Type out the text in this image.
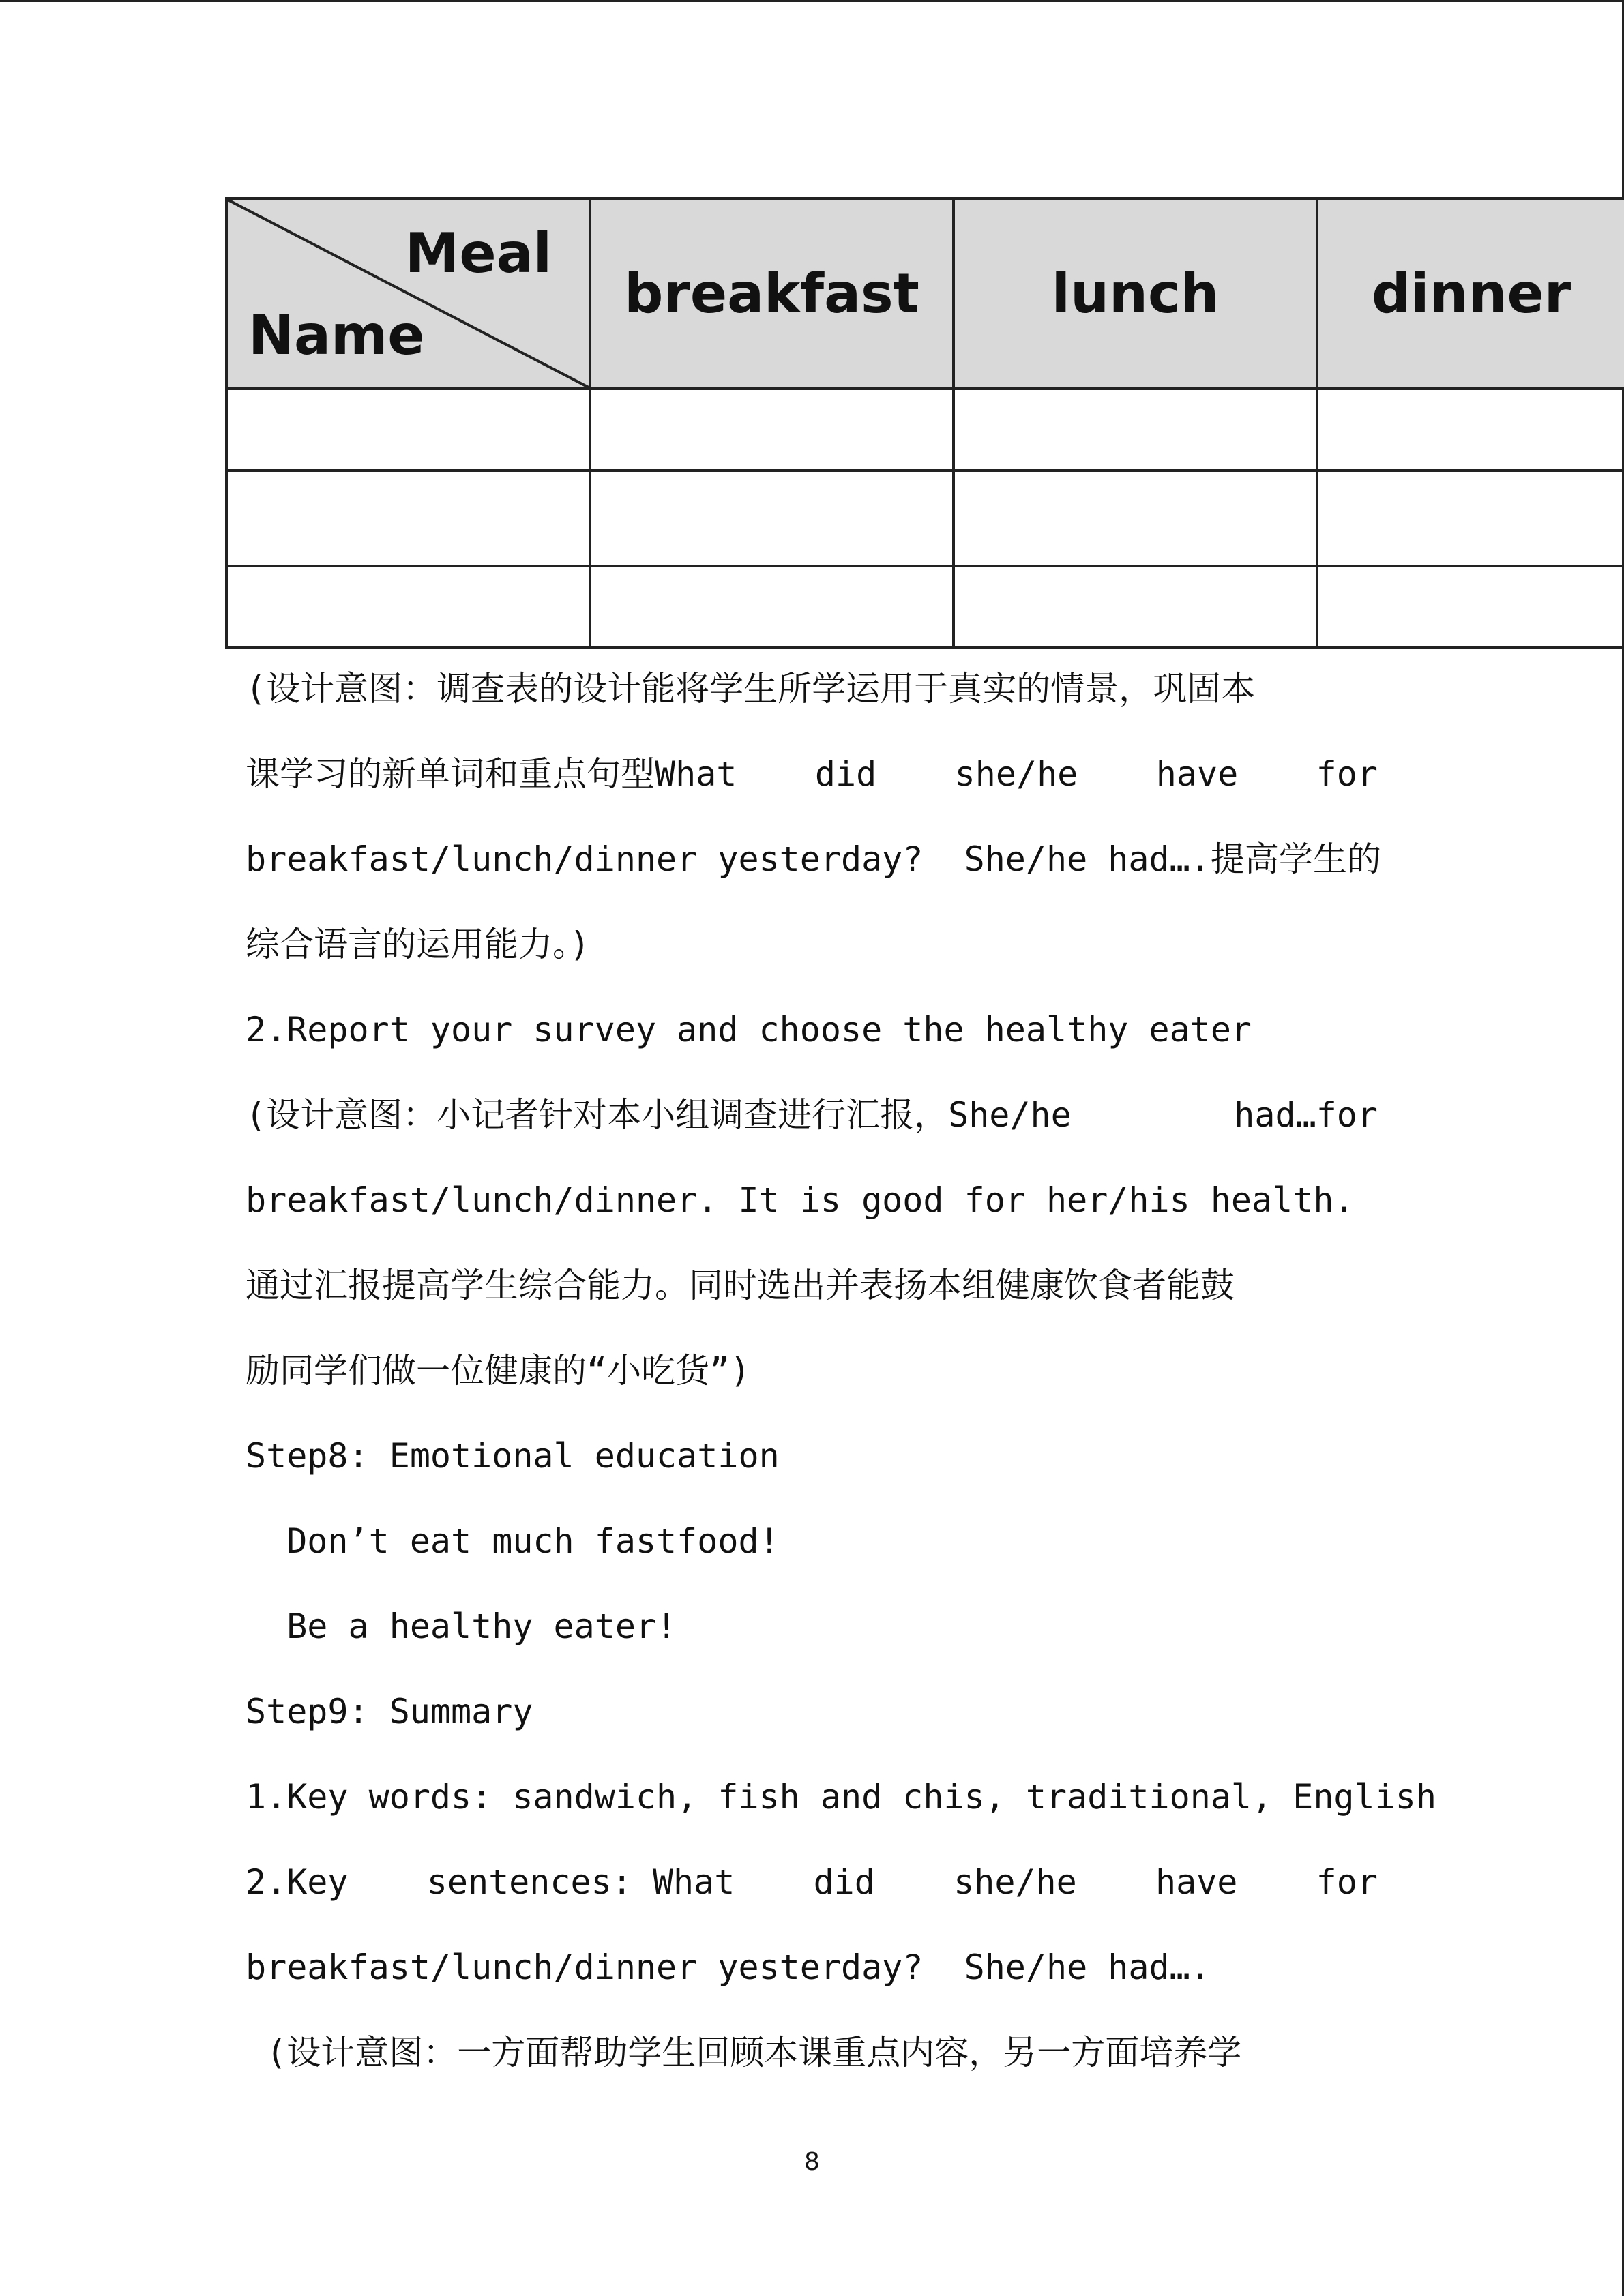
Meal
Name	breakfast	lunch	dinner

(设计意图：调查表的设计能将学生所学运用于真实的情景，巩固本
课学习的新单词和重点句型What did she/he have for
breakfast/lunch/dinner yesterday?  She/he had….提高学生的
综合语言的运用能力。)
2.Report your survey and choose the healthy eater
(设计意图：小记者针对本小组调查进行汇报，She/he	had…for
breakfast/lunch/dinner. It is good for her/his health.
通过汇报提高学生综合能力。同时选出并表扬本组健康饮食者能鼓
励同学们做一位健康的“小吃货”)
Step8: Emotional education
Don’t eat much fastfood!
Be a healthy eater!
Step9: Summary
1.Key words: sandwich, fish and chis, traditional, English
2.Key sentences: What did she/he have for
breakfast/lunch/dinner yesterday?  She/he had….
(设计意图：一方面帮助学生回顾本课重点内容，另一方面培养学
8
